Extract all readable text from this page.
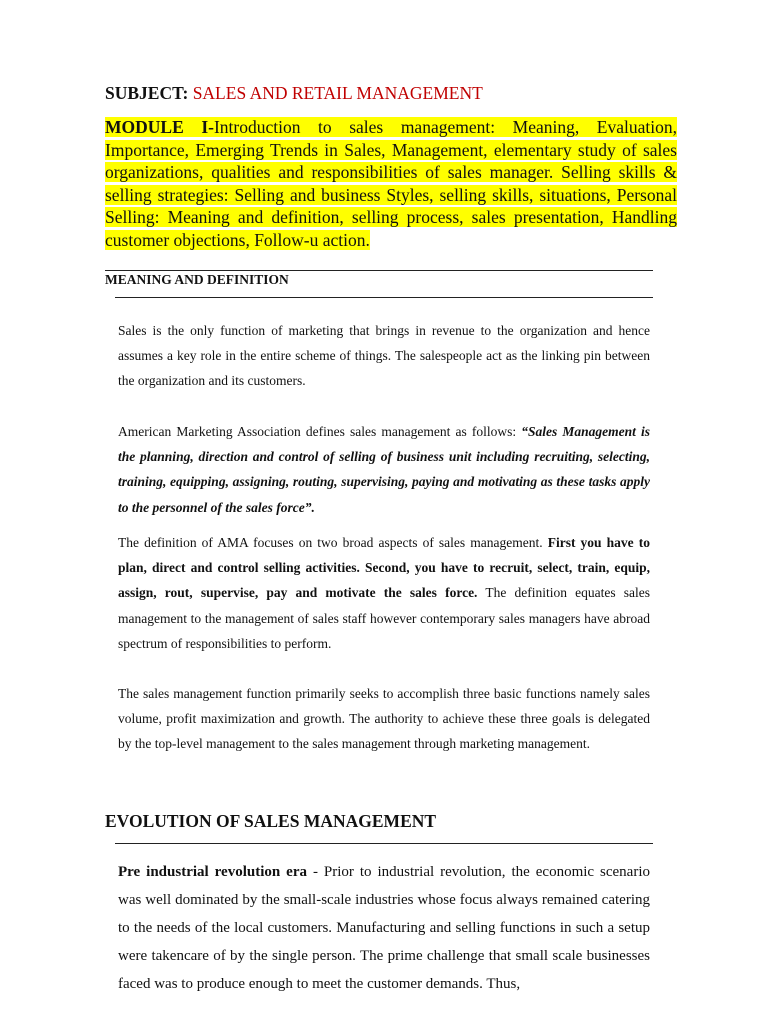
SUBJECT: SALES AND RETAIL MANAGEMENT
MODULE I-Introduction to sales management: Meaning, Evaluation, Importance, Emerging Trends in Sales, Management, elementary study of sales organizations, qualities and responsibilities of sales manager. Selling skills & selling strategies: Selling and business Styles, selling skills, situations, Personal Selling: Meaning and definition, selling process, sales presentation, Handling customer objections, Follow-u action.
MEANING AND DEFINITION
Sales is the only function of marketing that brings in revenue to the organization and hence assumes a key role in the entire scheme of things. The salespeople act as the linking pin between the organization and its customers.
American Marketing Association defines sales management as follows: “Sales Management is the planning, direction and control of selling of business unit including recruiting, selecting, training, equipping, assigning, routing, supervising, paying and motivating as these tasks apply to the personnel of the sales force”.
The definition of AMA focuses on two broad aspects of sales management. First you have to plan, direct and control selling activities. Second, you have to recruit, select, train, equip, assign, rout, supervise, pay and motivate the sales force. The definition equates sales management to the management of sales staff however contemporary sales managers have abroad spectrum of responsibilities to perform.
The sales management function primarily seeks to accomplish three basic functions namely sales volume, profit maximization and growth. The authority to achieve these three goals is delegated by the top-level management to the sales management through marketing management.
EVOLUTION OF SALES MANAGEMENT
Pre industrial revolution era - Prior to industrial revolution, the economic scenario was well dominated by the small-scale industries whose focus always remained catering to the needs of the local customers. Manufacturing and selling functions in such a setup were takencare of by the single person. The prime challenge that small scale businesses faced was to produce enough to meet the customer demands. Thus,
